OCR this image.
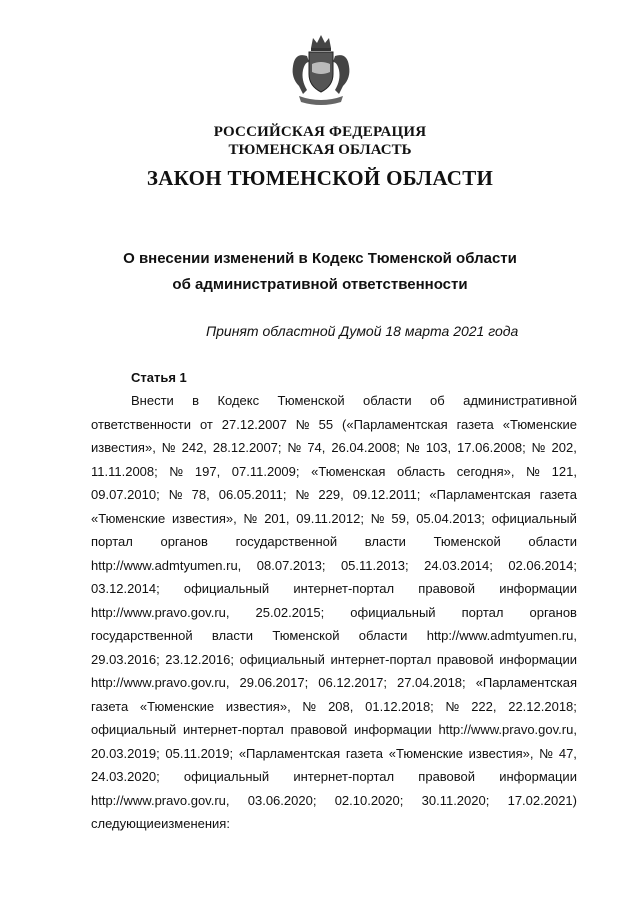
РОССИЙСКАЯ ФЕДЕРАЦИЯ
ТЮМЕНСКАЯ ОБЛАСТЬ
ЗАКОН ТЮМЕНСКОЙ ОБЛАСТИ
О внесении изменений в Кодекс Тюменской области
об административной ответственности
Принят областной Думой 18 марта 2021 года
Статья 1
Внести в Кодекс Тюменской области об административной
ответственности от 27.12.2007 № 55 («Парламентская газета «Тюменские
известия», № 242, 28.12.2007; № 74, 26.04.2008; № 103, 17.06.2008; № 202,
11.11.2008; № 197, 07.11.2009; «Тюменская область сегодня», № 121,
09.07.2010; № 78, 06.05.2011; № 229, 09.12.2011; «Парламентская газета
«Тюменские известия», № 201, 09.11.2012; № 59, 05.04.2013; официальный
портал органов государственной власти Тюменской области
http://www.admtyumen.ru, 08.07.2013; 05.11.2013; 24.03.2014; 02.06.2014;
03.12.2014; официальный интернет-портал правовой информации
http://www.pravo.gov.ru, 25.02.2015; официальный портал органов
государственной власти Тюменской области http://www.admtyumen.ru,
29.03.2016; 23.12.2016; официальный интернет-портал правовой информации
http://www.pravo.gov.ru, 29.06.2017; 06.12.2017; 27.04.2018; «Парламентская
газета «Тюменские известия», № 208, 01.12.2018; № 222, 22.12.2018;
официальный интернет-портал правовой информации http://www.pravo.gov.ru,
20.03.2019; 05.11.2019; «Парламентская газета «Тюменские известия», № 47,
24.03.2020; официальный интернет-портал правовой информации
http://www.pravo.gov.ru, 03.06.2020; 02.10.2020; 30.11.2020; 17.02.2021)
следующие изменения:
